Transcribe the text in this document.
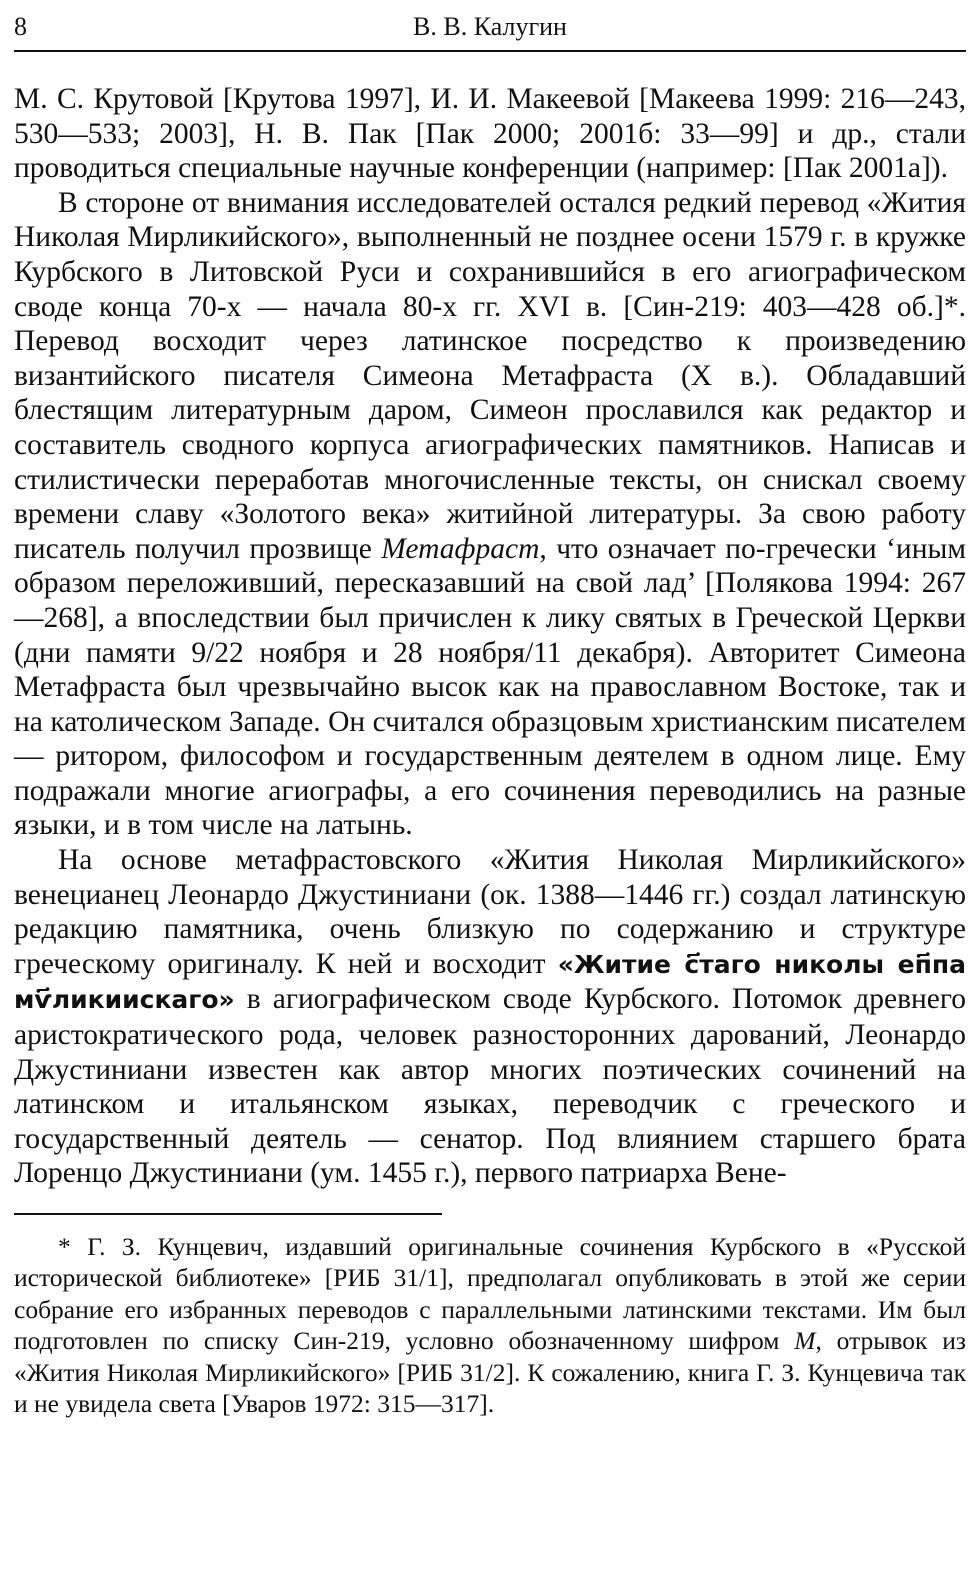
8	В. В. Калугин

М. С. Крутовой [Крутова 1997], И. И. Макеевой [Макеева 1999: 216—243, 530—533; 2003], Н. В. Пак [Пак 2000; 2001б: 33—99] и др., стали проводиться специальные научные конференции (например: [Пак 2001а]).

В стороне от внимания исследователей остался редкий перевод «Жития Николая Мирликийского», выполненный не позднее осени 1579 г. в кружке Курбского в Литовской Руси и сохранившийся в его агиографическом своде конца 70-х — начала 80-х гг. XVI в. [Син-219: 403—428 об.]*. Перевод восходит через латинское посредство к произведению византийского писателя Симеона Метафраста (X в.). Обладавший блестящим литературным даром, Симеон прославился как редактор и составитель сводного корпуса агиографических памятников. Написав и стилистически переработав многочисленные тексты, он снискал своему времени славу «Золотого века» житийной литературы. За свою работу писатель получил прозвище Метафраст, что означает по-гречески ‘иным образом переложивший, пересказавший на свой лад’ [Полякова 1994: 267—268], а впоследствии был причислен к лику святых в Греческой Церкви (дни памяти 9/22 ноября и 28 ноября/11 декабря). Авторитет Симеона Метафраста был чрезвычайно высок как на православном Востоке, так и на католическом Западе. Он считался образцовым христианским писателем — ритором, философом и государственным деятелем в одном лице. Ему подражали многие агиографы, а его сочинения переводились на разные языки, и в том числе на латынь.

На основе метафрастовского «Жития Николая Мирликийского» венецианец Леонардо Джустиниани (ок. 1388—1446 гг.) создал латинскую редакцию памятника, очень близкую по содержанию и структуре греческому оригиналу. К ней и восходит «Житие с҃таго николы еп҃па мѵ҃ликиискаго» в агиографическом своде Курбского. Потомок древнего аристократического рода, человек разносторонних дарований, Леонардо Джустиниани известен как автор многих поэтических сочинений на латинском и итальянском языках, переводчик с греческого и государственный деятель — сенатор. Под влиянием старшего брата Лоренцо Джустиниани (ум. 1455 г.), первого патриарха Вене-

* Г. З. Кунцевич, издавший оригинальные сочинения Курбского в «Русской исторической библиотеке» [РИБ 31/1], предполагал опубликовать в этой же серии собрание его избранных переводов с параллельными латинскими текстами. Им был подготовлен по списку Син-219, условно обозначенному шифром М, отрывок из «Жития Николая Мирликийского» [РИБ 31/2]. К сожалению, книга Г. З. Кунцевича так и не увидела света [Уваров 1972: 315—317].
